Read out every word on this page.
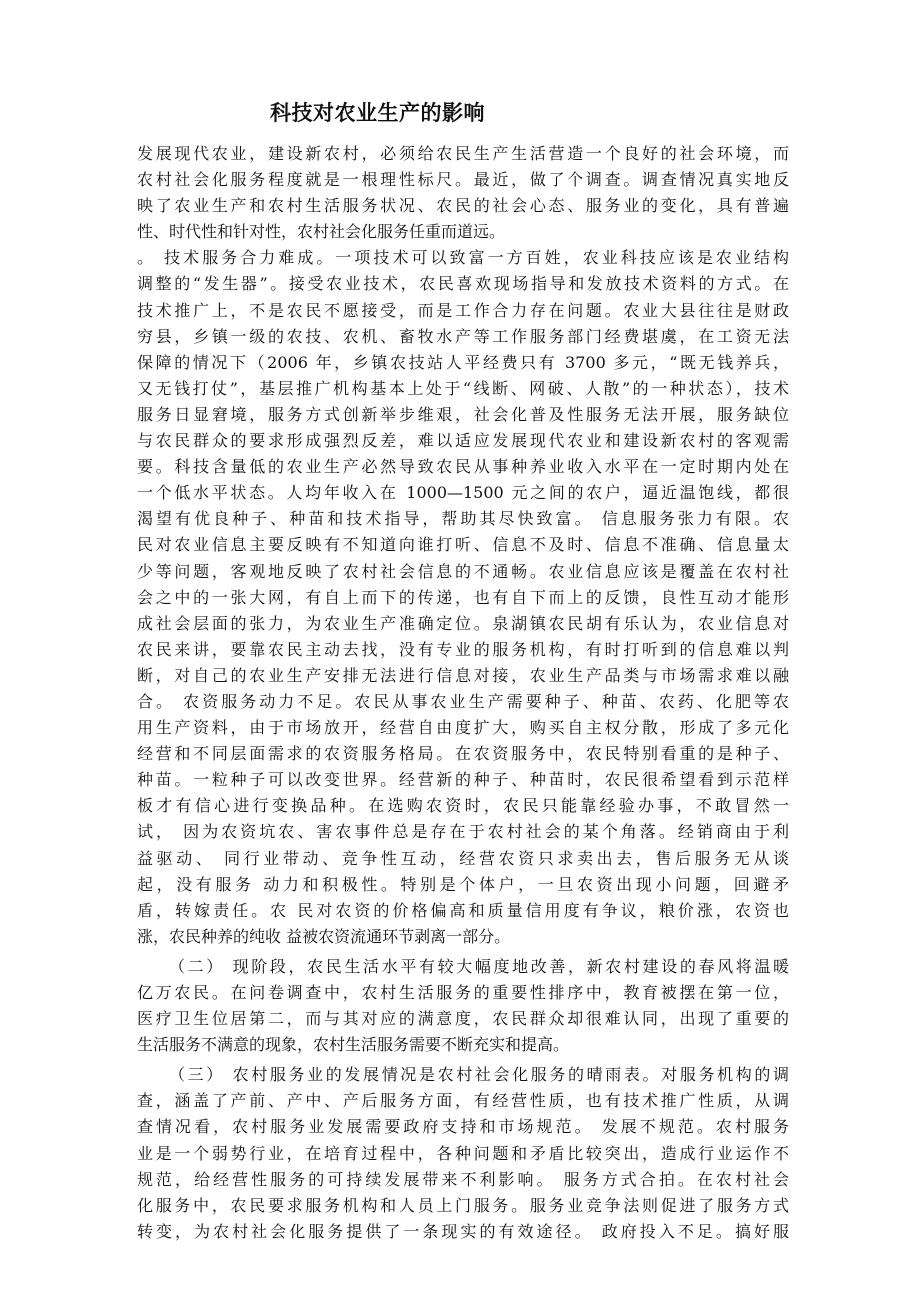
科技对农业生产的影响
发展现代农业，建设新农村，必须给农民生产生活营造一个良好的社会环境，而
农村社会化服务程度就是一根理性标尺。最近，做了个调查。调查情况真实地反
映了农业生产和农村生活服务状况、农民的社会心态、服务业的变化，具有普遍
性、时代性和针对性，农村社会化服务任重而道远。
。 技术服务合力难成。一项技术可以致富一方百姓，农业科技应该是农业结构
调整的“发生器”。接受农业技术，农民喜欢现场指导和发放技术资料的方式。在
技术推广上，不是农民不愿接受，而是工作合力存在问题。农业大县往往是财政
穷县，乡镇一级的农技、农机、畜牧水产等工作服务部门经费堪虞，在工资无法
保障的情况下（2006 年，乡镇农技站人平经费只有 3700 多元，“既无钱养兵，
又无钱打仗”，基层推广机构基本上处于“线断、网破、人散”的一种状态），技术
服务日显窘境，服务方式创新举步维艰，社会化普及性服务无法开展，服务缺位
与农民群众的要求形成强烈反差，难以适应发展现代农业和建设新农村的客观需
要。科技含量低的农业生产必然导致农民从事种养业收入水平在一定时期内处在
一个低水平状态。人均年收入在 1000—1500 元之间的农户，逼近温饱线，都很
渴望有优良种子、种苗和技术指导，帮助其尽快致富。 信息服务张力有限。农
民对农业信息主要反映有不知道向谁打听、信息不及时、信息不准确、信息量太
少等问题，客观地反映了农村社会信息的不通畅。农业信息应该是覆盖在农村社
会之中的一张大网，有自上而下的传递，也有自下而上的反馈，良性互动才能形
成社会层面的张力，为农业生产准确定位。泉湖镇农民胡有乐认为，农业信息对
农民来讲，要靠农民主动去找，没有专业的服务机构，有时打听到的信息难以判
断，对自己的农业生产安排无法进行信息对接，农业生产品类与市场需求难以融
合。 农资服务动力不足。农民从事农业生产需要种子、种苗、农药、化肥等农
用生产资料，由于市场放开，经营自由度扩大，购买自主权分散，形成了多元化
经营和不同层面需求的农资服务格局。在农资服务中，农民特别看重的是种子、
种苗。一粒种子可以改变世界。经营新的种子、种苗时，农民很希望看到示范样
板才有信心进行变换品种。在选购农资时，农民只能靠经验办事，不敢冒然一
试， 因为农资坑农、害农事件总是存在于农村社会的某个角落。经销商由于利
益驱动、 同行业带动、竞争性互动，经营农资只求卖出去，售后服务无从谈
起，没有服务 动力和积极性。特别是个体户，一旦农资出现小问题，回避矛
盾，转嫁责任。农 民对农资的价格偏高和质量信用度有争议，粮价涨，农资也
涨，农民种养的纯收 益被农资流通环节剥离一部分。
（二） 现阶段，农民生活水平有较大幅度地改善，新农村建设的春风将温暖
亿万农民。在问卷调查中，农村生活服务的重要性排序中，教育被摆在第一位，
医疗卫生位居第二，而与其对应的满意度，农民群众却很难认同，出现了重要的
生活服务不满意的现象，农村生活服务需要不断充实和提高。
（三） 农村服务业的发展情况是农村社会化服务的晴雨表。对服务机构的调
查，涵盖了产前、产中、产后服务方面，有经营性质，也有技术推广性质，从调
查情况看，农村服务业发展需要政府支持和市场规范。 发展不规范。农村服务
业是一个弱势行业，在培育过程中，各种问题和矛盾比较突出，造成行业运作不
规范，给经营性服务的可持续发展带来不利影响。 服务方式合拍。在农村社会
化服务中，农民要求服务机构和人员上门服务。服务业竞争法则促进了服务方式
转变，为农村社会化服务提供了一条现实的有效途径。 政府投入不足。搞好服
